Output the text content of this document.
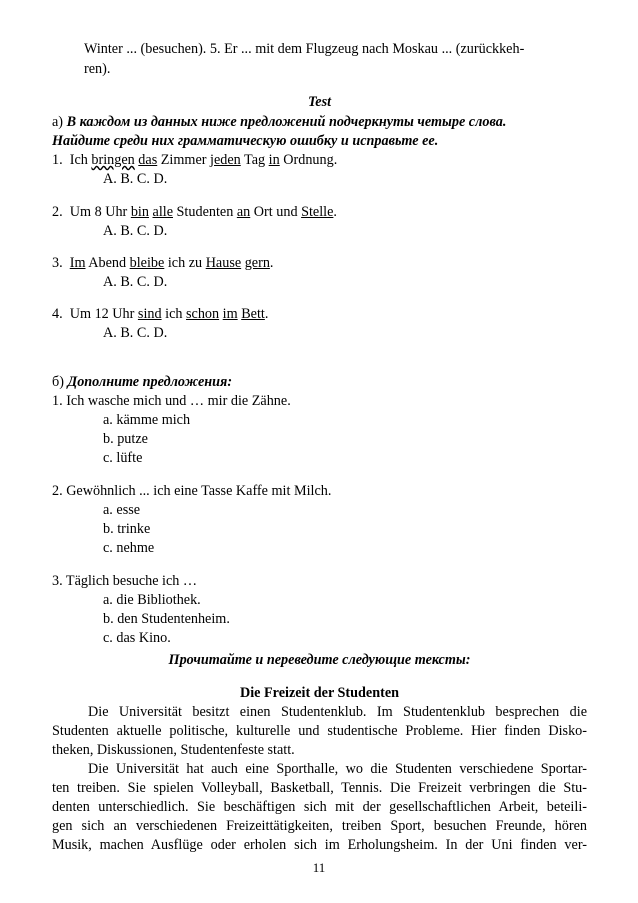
Winter ... (besuchen). 5. Er ... mit dem Flugzeug nach Moskau ... (zurückkeh-
ren).
Test
а) В каждом из данных ниже предложений подчеркнуты четыре слова.
Найдите среди них грамматическую ошибку и исправьте ее.
1. Ich bringen das Zimmer jeden Tag in Ordnung.
A. B. C. D.
2. Um 8 Uhr bin alle Studenten an Ort und Stelle.
A. B. C. D.
3. Im Abend bleibe ich zu Hause gern.
A. B. C. D.
4. Um 12 Uhr sind ich schon im Bett.
A. B. C. D.
б) Дополните предложения:
1. Ich wasche mich und … mir die Zähne.
a. kämme mich
b. putze
c. lüfte
2. Gewöhnlich ... ich eine Tasse Kaffe mit Milch.
a. esse
b. trinke
c. nehme
3. Täglich besuche ich …
a. die Bibliothek.
b. den Studentenheim.
c. das Kino.
Прочитайте и переведите следующие тексты:
Die Freizeit der Studenten
Die Universität besitzt einen Studentenklub. Im Studentenklub besprechen die
Studenten aktuelle politische, kulturelle und studentische Probleme. Hier finden Disko-
theken, Diskussionen, Studentenfeste statt.
Die Universität hat auch eine Sporthalle, wo die Studenten verschiedene Sportar-
ten treiben. Sie spielen Volleyball, Basketball, Tennis. Die Freizeit verbringen die Stu-
denten unterschiedlich. Sie beschäftigen sich mit der gesellschaftlichen Arbeit, beteili-
gen sich an verschiedenen Freizeittätigkeiten, treiben Sport, besuchen Freunde, hören
Musik, machen Ausflüge oder erholen sich im Erholungsheim. In der Uni finden ver-
11
